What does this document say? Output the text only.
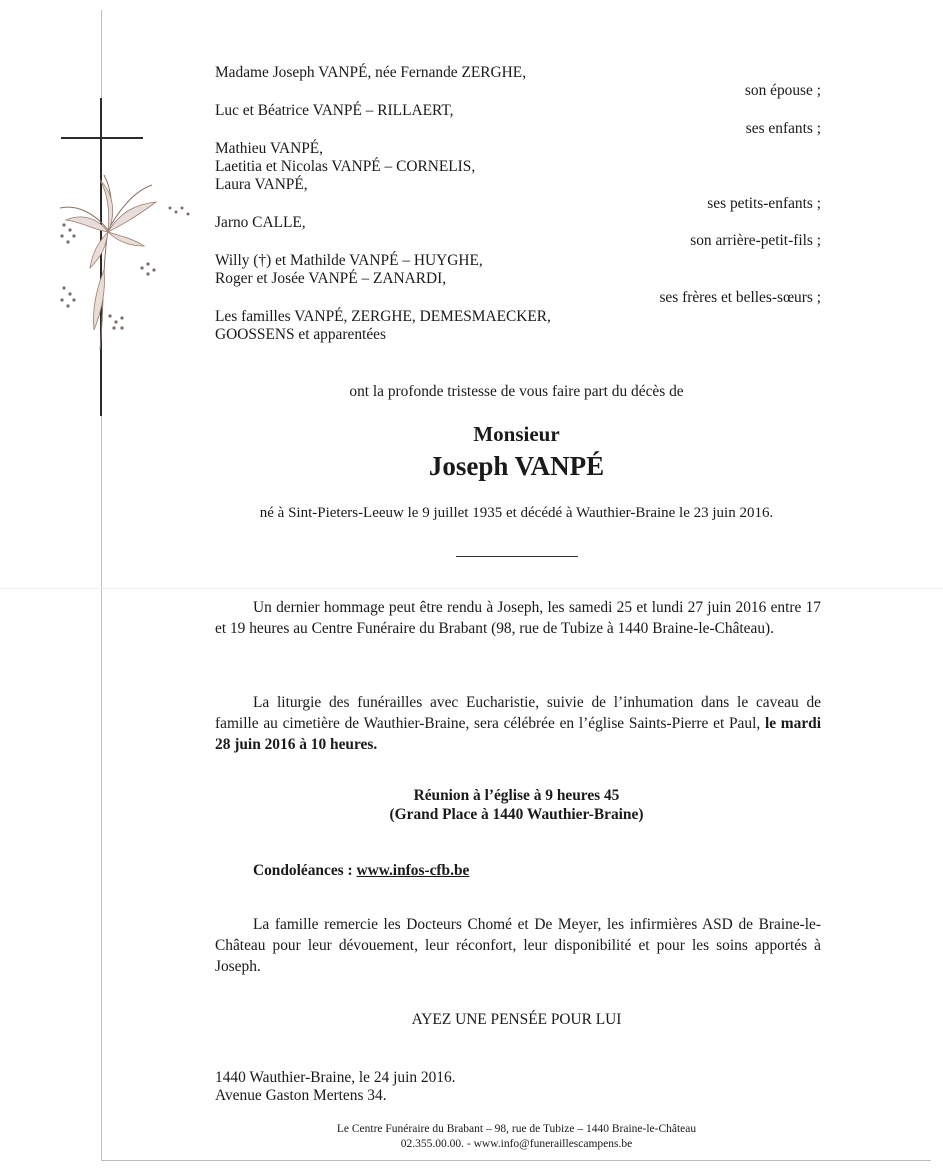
Madame Joseph VANPÉ, née Fernande ZERGHE,
son épouse ;
Luc et Béatrice VANPÉ – RILLAERT,
ses enfants ;
Mathieu VANPÉ,
Laetitia et Nicolas VANPÉ – CORNELIS,
Laura VANPÉ,
ses petits-enfants ;
Jarno CALLE,
son arrière-petit-fils ;
Willy (†) et Mathilde VANPÉ – HUYGHE,
Roger et Josée VANPÉ – ZANARDI,
ses frères et belles-sœurs ;
Les familles VANPÉ, ZERGHE, DEMESMAECKER,
GOOSSENS et apparentées
ont la profonde tristesse de vous faire part du décès de
Monsieur
Joseph VANPÉ
né à Sint-Pieters-Leeuw le 9 juillet 1935 et décédé à Wauthier-Braine le 23 juin 2016.
Un dernier hommage peut être rendu à Joseph, les samedi 25 et lundi 27 juin 2016 entre 17 et 19 heures au Centre Funéraire du Brabant (98, rue de Tubize à 1440 Braine-le-Château).
La liturgie des funérailles avec Eucharistie, suivie de l’inhumation dans le caveau de famille au cimetière de Wauthier-Braine, sera célébrée en l’église Saints-Pierre et Paul, le mardi 28 juin 2016 à 10 heures.
Réunion à l’église à 9 heures 45
(Grand Place à 1440 Wauthier-Braine)
Condoléances : www.infos-cfb.be
La famille remercie les Docteurs Chomé et De Meyer, les infirmières ASD de Braine-le-Château pour leur dévouement, leur réconfort, leur disponibilité et pour les soins apportés à Joseph.
AYEZ UNE PENSÉE POUR LUI
1440 Wauthier-Braine, le 24 juin 2016.
Avenue Gaston Mertens 34.
Le Centre Funéraire du Brabant – 98, rue de Tubize – 1440 Braine-le-Château
02.355.00.00. - www.info@funeraillescampens.be
